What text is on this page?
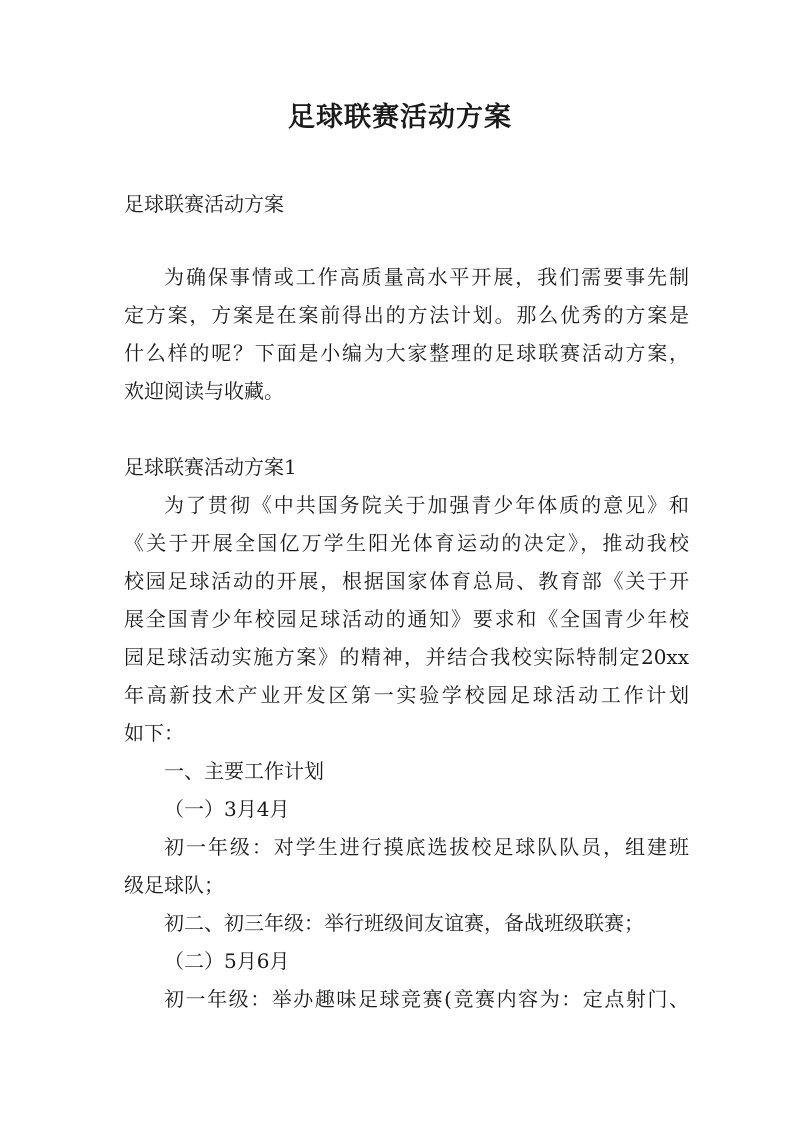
足球联赛活动方案

足球联赛活动方案

为确保事情或工作高质量高水平开展，我们需要事先制

定方案，方案是在案前得出的方法计划。那么优秀的方案是

什么样的呢？下面是小编为大家整理的足球联赛活动方案，

欢迎阅读与收藏。

足球联赛活动方案1

为了贯彻《中共国务院关于加强青少年体质的意见》和

《关于开展全国亿万学生阳光体育运动的决定》，推动我校

校园足球活动的开展，根据国家体育总局、教育部《关于开

展全国青少年校园足球活动的通知》要求和《全国青少年校

园足球活动实施方案》的精神，并结合我校实际特制定20xx

年高新技术产业开发区第一实验学校园足球活动工作计划

如下：

一、主要工作计划

（一）3月4月

初一年级：对学生进行摸底选拔校足球队队员，组建班

级足球队；

初二、初三年级：举行班级间友谊赛，备战班级联赛；

（二）5月6月

初一年级：举办趣味足球竞赛(竞赛内容为：定点射门、
